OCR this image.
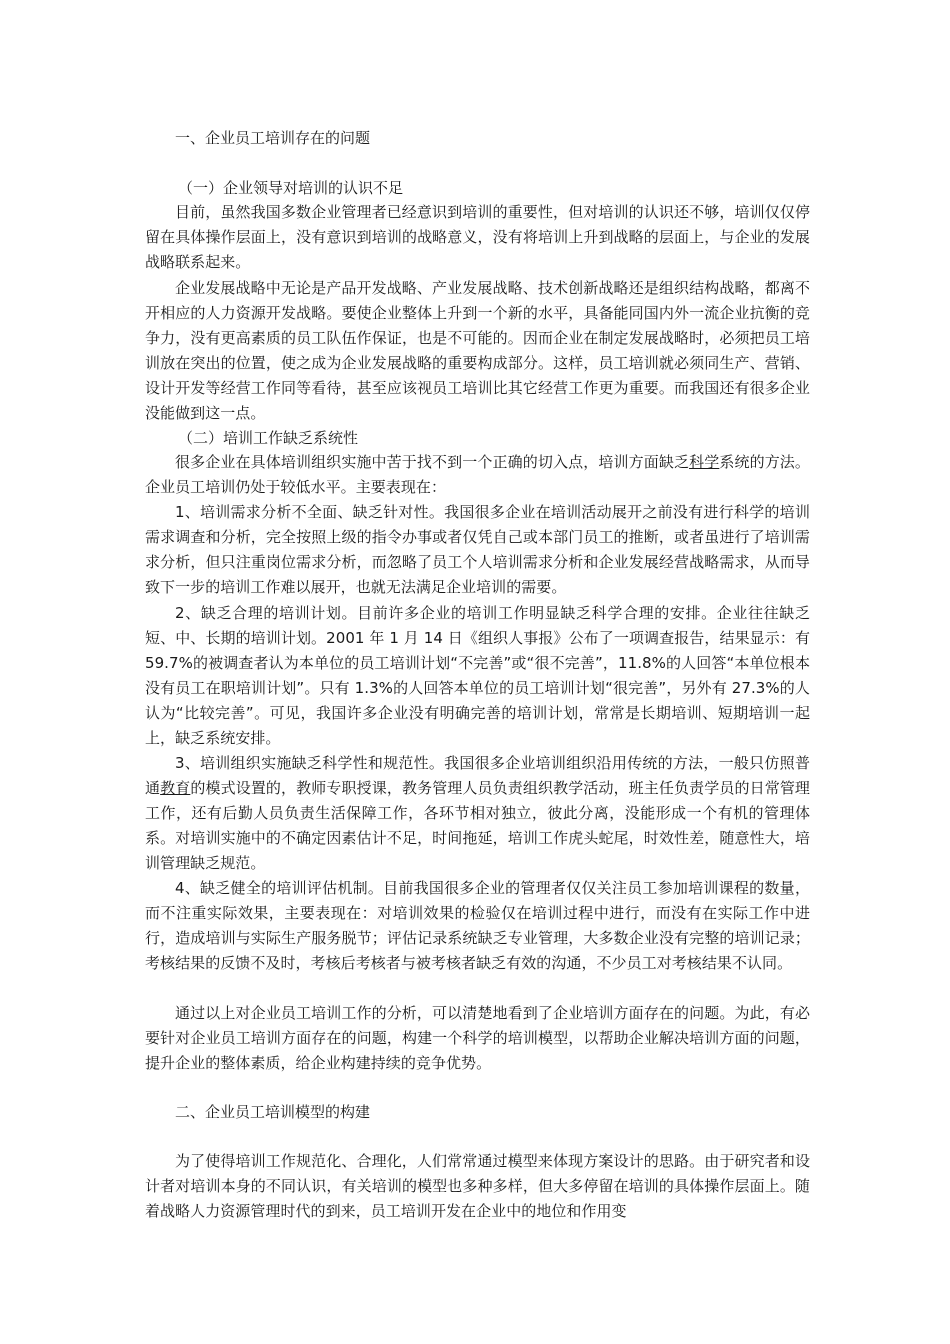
一、企业员工培训存在的问题
（一）企业领导对培训的认识不足

目前，虽然我国多数企业管理者已经意识到培训的重要性，但对培训的认识还不够，培训仅仅停留在具体操作层面上，没有意识到培训的战略意义，没有将培训上升到战略的层面上，与企业的发展战略联系起来。

企业发展战略中无论是产品开发战略、产业发展战略、技术创新战略还是组织结构战略，都离不开相应的人力资源开发战略。要使企业整体上升到一个新的水平，具备能同国内外一流企业抗衡的竞争力，没有更高素质的员工队伍作保证，也是不可能的。因而企业在制定发展战略时，必须把员工培训放在突出的位置，使之成为企业发展战略的重要构成部分。这样，员工培训就必须同生产、营销、设计开发等经营工作同等看待，甚至应该视员工培训比其它经营工作更为重要。而我国还有很多企业没能做到这一点。

（二）培训工作缺乏系统性

很多企业在具体培训组织实施中苦于找不到一个正确的切入点，培训方面缺乏科学系统的方法。企业员工培训仍处于较低水平。主要表现在：

1、培训需求分析不全面、缺乏针对性。我国很多企业在培训活动展开之前没有进行科学的培训需求调查和分析，完全按照上级的指令办事或者仅凭自己或本部门员工的推断，或者虽进行了培训需求分析，但只注重岗位需求分析，而忽略了员工个人培训需求分析和企业发展经营战略需求，从而导致下一步的培训工作难以展开，也就无法满足企业培训的需要。

2、缺乏合理的培训计划。目前许多企业的培训工作明显缺乏科学合理的安排。企业往往缺乏短、中、长期的培训计划。2001 年 1 月 14 日《组织人事报》公布了一项调查报告，结果显示：有 59.7%的被调查者认为本单位的员工培训计划“不完善”或“很不完善”，11.8%的人回答“本单位根本没有员工在职培训计划”。只有 1.3%的人回答本单位的员工培训计划“很完善”，另外有 27.3%的人认为“比较完善”。可见，我国许多企业没有明确完善的培训计划，常常是长期培训、短期培训一起上，缺乏系统安排。

3、培训组织实施缺乏科学性和规范性。我国很多企业培训组织沿用传统的方法，一般只仿照普通教育的模式设置的，教师专职授课，教务管理人员负责组织教学活动，班主任负责学员的日常管理工作，还有后勤人员负责生活保障工作，各环节相对独立，彼此分离，没能形成一个有机的管理体系。对培训实施中的不确定因素估计不足，时间拖延，培训工作虎头蛇尾，时效性差，随意性大，培训管理缺乏规范。

4、缺乏健全的培训评估机制。目前我国很多企业的管理者仅仅关注员工参加培训课程的数量，而不注重实际效果，主要表现在：对培训效果的检验仅在培训过程中进行，而没有在实际工作中进行，造成培训与实际生产服务脱节；评估记录系统缺乏专业管理，大多数企业没有完整的培训记录；考核结果的反馈不及时，考核后考核者与被考核者缺乏有效的沟通，不少员工对考核结果不认同。

通过以上对企业员工培训工作的分析，可以清楚地看到了企业培训方面存在的问题。为此，有必要针对企业员工培训方面存在的问题，构建一个科学的培训模型，以帮助企业解决培训方面的问题，提升企业的整体素质，给企业构建持续的竞争优势。

二、企业员工培训模型的构建

为了使得培训工作规范化、合理化，人们常常通过模型来体现方案设计的思路。由于研究者和设计者对培训本身的不同认识，有关培训的模型也多种多样，但大多停留在培训的具体操作层面上。随着战略人力资源管理时代的到来，员工培训开发在企业中的地位和作用变
